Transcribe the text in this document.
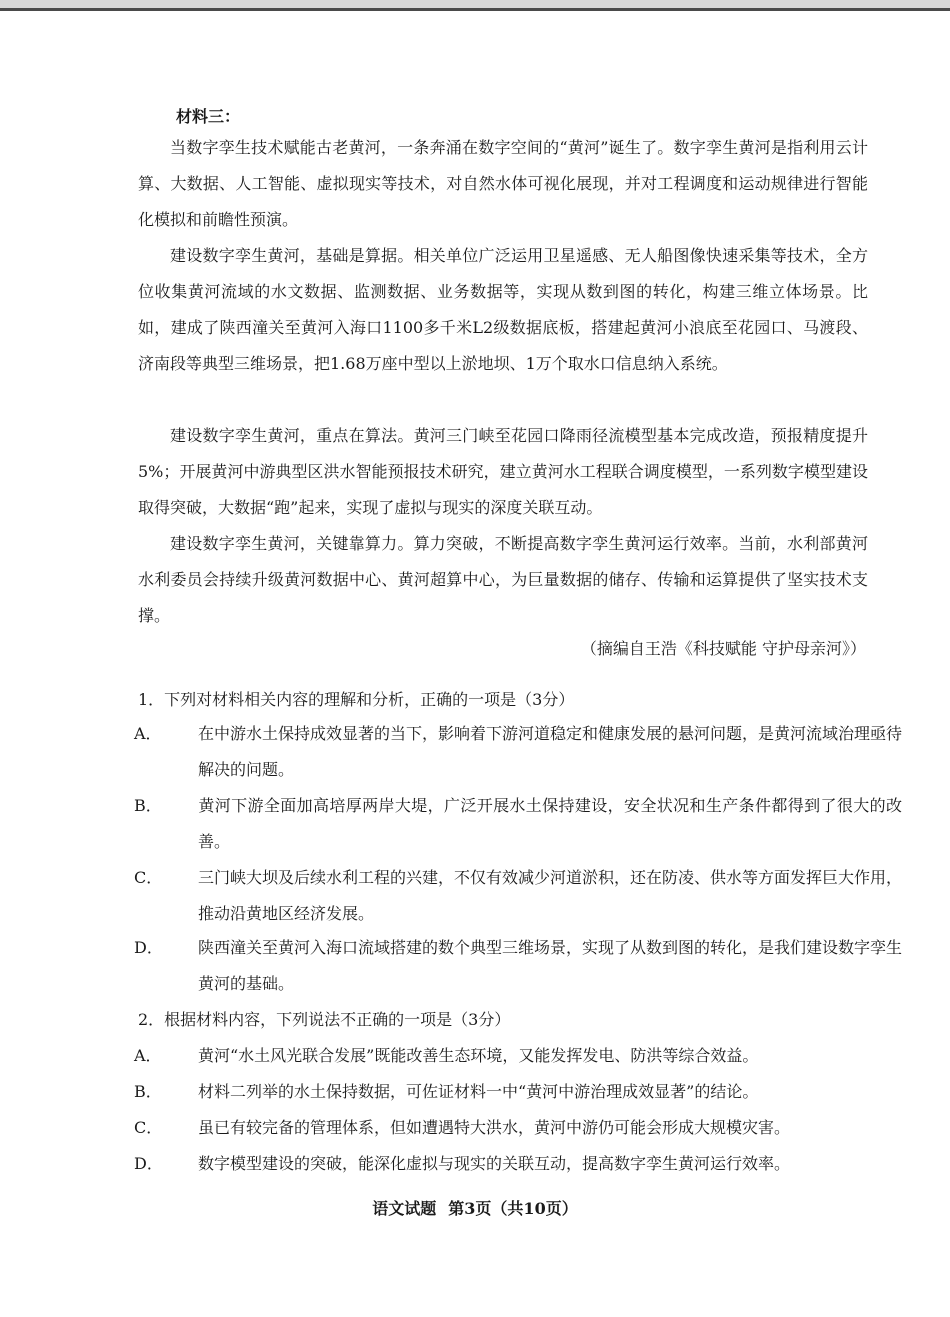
材料三：
当数字孪生技术赋能古老黄河，一条奔涌在数字空间的“黄河”诞生了。数字孪生黄河是指利用云计算、大数据、人工智能、虚拟现实等技术，对自然水体可视化展现，并对工程调度和运动规律进行智能化模拟和前瞻性预演。
建设数字孪生黄河，基础是算据。相关单位广泛运用卫星遥感、无人船图像快速采集等技术，全方位收集黄河流域的水文数据、监测数据、业务数据等，实现从数到图的转化，构建三维立体场景。比如，建成了陕西潼关至黄河入海口1100多千米L2级数据底板，搭建起黄河小浪底至花园口、马渡段、济南段等典型三维场景，把1.68万座中型以上淤地坝、1万个取水口信息纳入系统。
建设数字孪生黄河，重点在算法。黄河三门峡至花园口降雨径流模型基本完成改造，预报精度提升5%；开展黄河中游典型区洪水智能预报技术研究，建立黄河水工程联合调度模型，一系列数字模型建设取得突破，大数据“跑”起来，实现了虚拟与现实的深度关联互动。
建设数字孪生黄河，关键靠算力。算力突破，不断提高数字孪生黄河运行效率。当前，水利部黄河水利委员会持续升级黄河数据中心、黄河超算中心，为巨量数据的储存、传输和运算提供了坚实技术支撑。
（摘编自王浩《科技赋能 守护母亲河》）
1．下列对材料相关内容的理解和分析，正确的一项是（3分）
A． 在中游水土保持成效显著的当下，影响着下游河道稳定和健康发展的悬河问题，是黄河流域治理亟待解决的问题。
B． 黄河下游全面加高培厚两岸大堤，广泛开展水土保持建设，安全状况和生产条件都得到了很大的改善。
C． 三门峡大坝及后续水利工程的兴建，不仅有效减少河道淤积，还在防凌、供水等方面发挥巨大作用，推动沿黄地区经济发展。
D． 陕西潼关至黄河入海口流域搭建的数个典型三维场景，实现了从数到图的转化，是我们建设数字孪生黄河的基础。
2．根据材料内容，下列说法不正确的一项是（3分）
A． 黄河“水土风光联合发展”既能改善生态环境，又能发挥发电、防洪等综合效益。
B． 材料二列举的水土保持数据，可佐证材料一中“黄河中游治理成效显著”的结论。
C． 虽已有较完备的管理体系，但如遭遇特大洪水，黄河中游仍可能会形成大规模灾害。
D． 数字模型建设的突破，能深化虚拟与现实的关联互动，提高数字孪生黄河运行效率。
语文试题 第3页（共10页）
